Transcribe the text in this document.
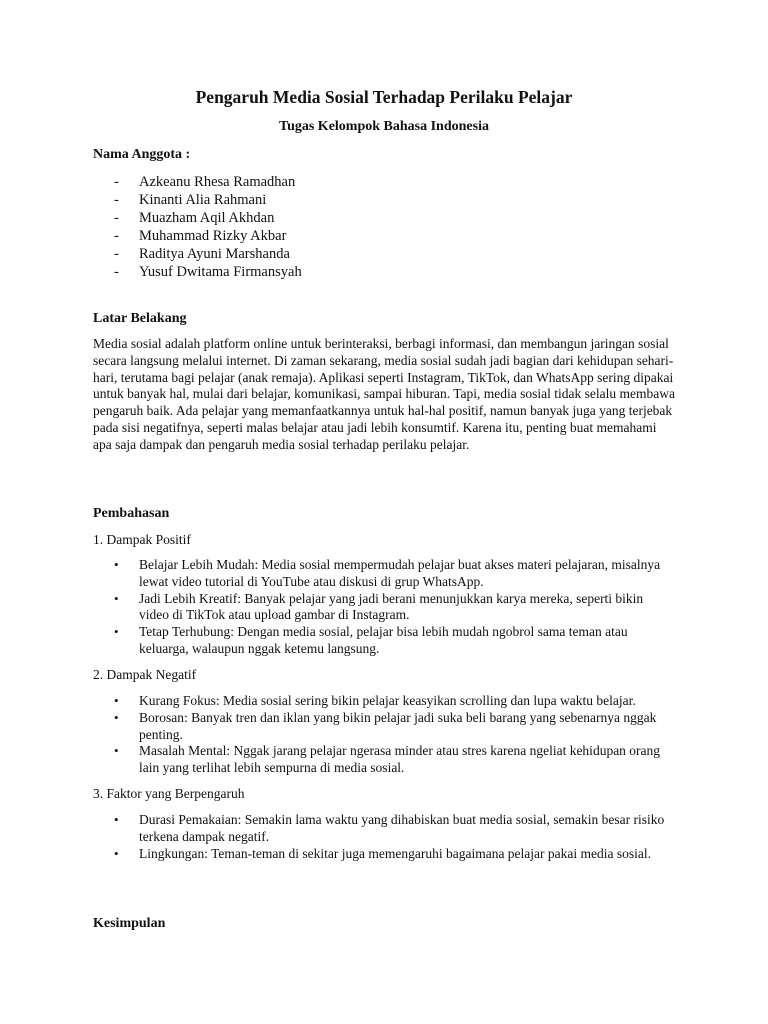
Pengaruh Media Sosial Terhadap Perilaku Pelajar
Tugas Kelompok Bahasa Indonesia
Nama Anggota :
- Azkeanu Rhesa Ramadhan
- Kinanti Alia Rahmani
- Muazham Aqil Akhdan
- Muhammad Rizky Akbar
- Raditya Ayuni Marshanda
- Yusuf Dwitama Firmansyah
Latar Belakang

Media sosial adalah platform online untuk berinteraksi, berbagi informasi, dan membangun jaringan sosial secara langsung melalui internet. Di zaman sekarang, media sosial sudah jadi bagian dari kehidupan sehari-hari, terutama bagi pelajar (anak remaja). Aplikasi seperti Instagram, TikTok, dan WhatsApp sering dipakai untuk banyak hal, mulai dari belajar, komunikasi, sampai hiburan. Tapi, media sosial tidak selalu membawa pengaruh baik. Ada pelajar yang memanfaatkannya untuk hal-hal positif, namun banyak juga yang terjebak pada sisi negatifnya, seperti malas belajar atau jadi lebih konsumtif. Karena itu, penting buat memahami apa saja dampak dan pengaruh media sosial terhadap perilaku pelajar.

Pembahasan
1. Dampak Positif
• Belajar Lebih Mudah: Media sosial mempermudah pelajar buat akses materi pelajaran, misalnya lewat video tutorial di YouTube atau diskusi di grup WhatsApp.
• Jadi Lebih Kreatif: Banyak pelajar yang jadi berani menunjukkan karya mereka, seperti bikin video di TikTok atau upload gambar di Instagram.
• Tetap Terhubung: Dengan media sosial, pelajar bisa lebih mudah ngobrol sama teman atau keluarga, walaupun nggak ketemu langsung.
2. Dampak Negatif
• Kurang Fokus: Media sosial sering bikin pelajar keasyikan scrolling dan lupa waktu belajar.
• Borosan: Banyak tren dan iklan yang bikin pelajar jadi suka beli barang yang sebenarnya nggak penting.
• Masalah Mental: Nggak jarang pelajar ngerasa minder atau stres karena ngeliat kehidupan orang lain yang terlihat lebih sempurna di media sosial.
3. Faktor yang Berpengaruh
• Durasi Pemakaian: Semakin lama waktu yang dihabiskan buat media sosial, semakin besar risiko terkena dampak negatif.
• Lingkungan: Teman-teman di sekitar juga memengaruhi bagaimana pelajar pakai media sosial.
Kesimpulan
